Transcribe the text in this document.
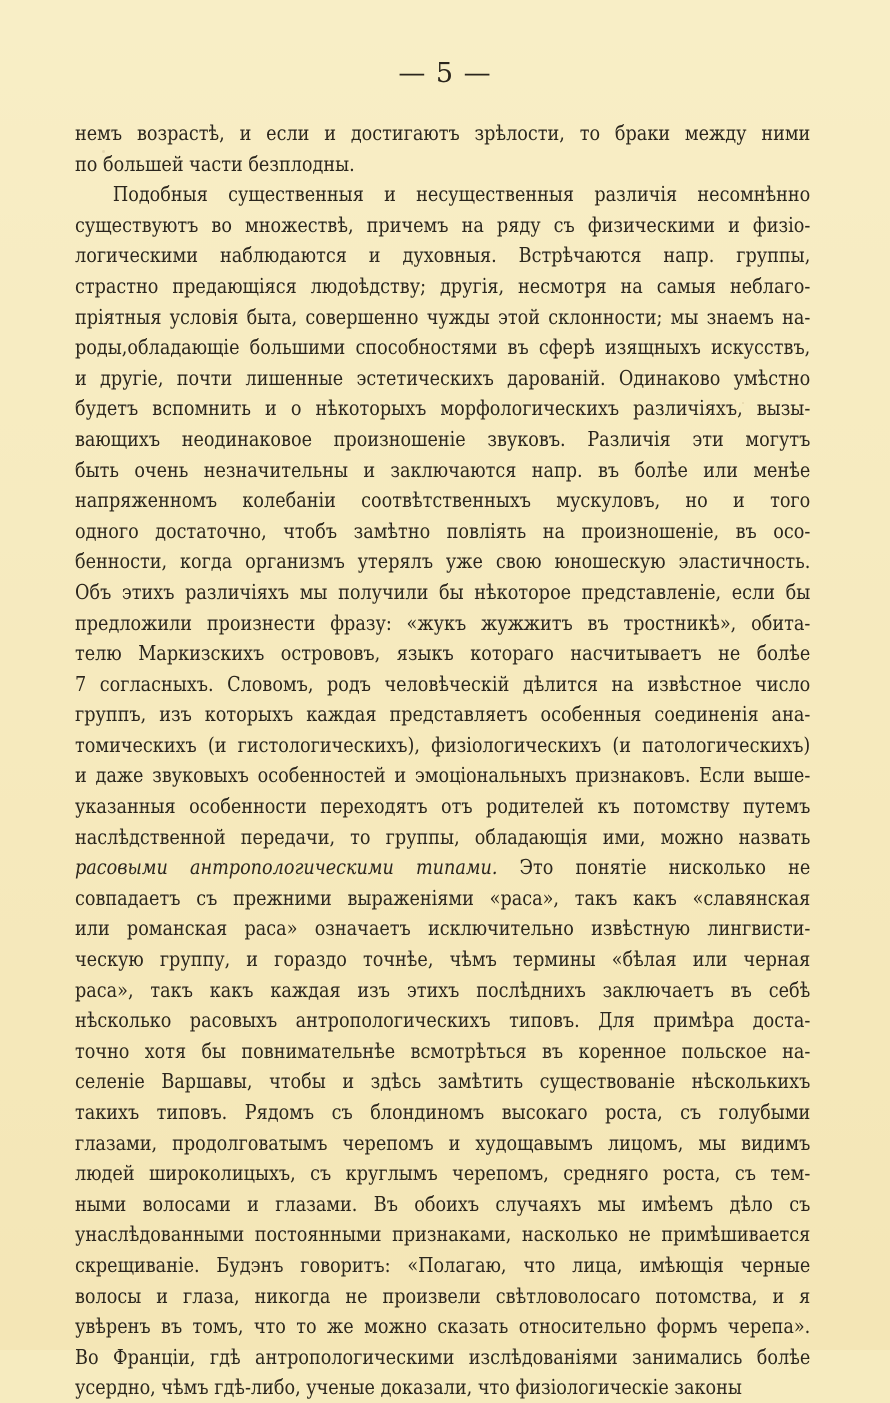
— 5 —
немъ возрастѣ, и если и достигаютъ зрѣлости, то браки между ними
по большей части безплодны.
Подобныя существенныя и несущественныя различія несомнѣнно
существуютъ во множествѣ, причемъ на ряду съ физическими и физіо-
логическими наблюдаются и духовныя. Встрѣчаются напр. группы,
страстно предающіяся людоѣдству; другія, несмотря на самыя неблаго-
пріятныя условія быта, совершенно чужды этой склонности; мы знаемъ на-
роды,обладающіе большими способностями въ сферѣ изящныхъ искусствъ,
и другіе, почти лишенные эстетическихъ дарованій. Одинаково умѣстно
будетъ вспомнить и о нѣкоторыхъ морфологическихъ различіяхъ, вызы-
вающихъ неодинаковое произношеніе звуковъ. Различія эти могутъ
быть очень незначительны и заключаются напр. въ болѣе или менѣе
напряженномъ колебаніи соотвѣтственныхъ мускуловъ, но и того
одного достаточно, чтобъ замѣтно повліять на произношеніе, въ осо-
бенности, когда организмъ утерялъ уже свою юношескую эластичность.
Объ этихъ различіяхъ мы получили бы нѣкоторое представленіе, если бы
предложили произнести фразу: «жукъ жужжитъ въ тростникѣ», обита-
телю Маркизскихъ острововъ, языкъ котораго насчитываетъ не болѣе
7 согласныхъ. Словомъ, родъ человѣческій дѣлится на извѣстное число
группъ, изъ которыхъ каждая представляетъ особенныя соединенія ана-
томическихъ (и гистологическихъ), физіологическихъ (и патологическихъ)
и даже звуковыхъ особенностей и эмоціональныхъ признаковъ. Если выше-
указанныя особенности переходятъ отъ родителей къ потомству путемъ
наслѣдственной передачи, то группы, обладающія ими, можно назвать
расовыми антропологическими типами. Это понятіе нисколько не
совпадаетъ съ прежними выраженіями «раса», такъ какъ «славянская
или романская раса» означаетъ исключительно извѣстную лингвисти-
ческую группу, и гораздо точнѣе, чѣмъ термины «бѣлая или черная
раса», такъ какъ каждая изъ этихъ послѣднихъ заключаетъ въ себѣ
нѣсколько расовыхъ антропологическихъ типовъ. Для примѣра доста-
точно хотя бы повнимательнѣе всмотрѣться въ коренное польское на-
селеніе Варшавы, чтобы и здѣсь замѣтить существованіе нѣсколькихъ
такихъ типовъ. Рядомъ съ блондиномъ высокаго роста, съ голубыми
глазами, продолговатымъ черепомъ и худощавымъ лицомъ, мы видимъ
людей широколицыхъ, съ круглымъ черепомъ, средняго роста, съ тем-
ными волосами и глазами. Въ обоихъ случаяхъ мы имѣемъ дѣло съ
унаслѣдованными постоянными признаками, насколько не примѣшивается
скрещиваніе. Будэнъ говоритъ: «Полагаю, что лица, имѣющія черные
волосы и глаза, никогда не произвели свѣтловолосаго потомства, и я
увѣренъ въ томъ, что то же можно сказать относительно формъ черепа».
Во Франціи, гдѣ антропологическими изслѣдованіями занимались болѣе
усердно, чѣмъ гдѣ-либо, ученые доказали, что физіологическіе законы
